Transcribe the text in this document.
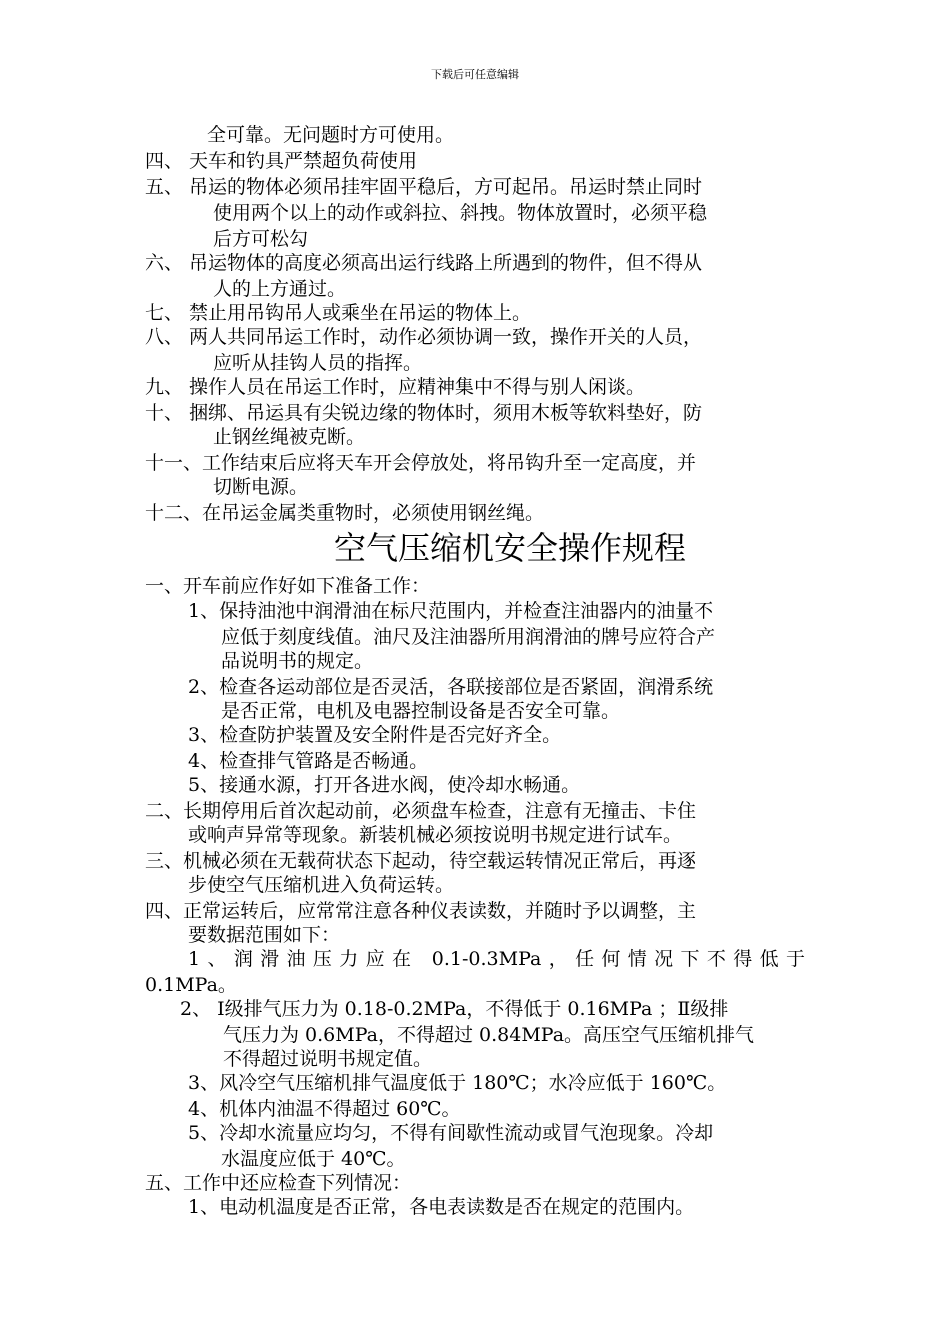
下载后可任意编辑
全可靠。无问题时方可使用。
四、 天车和钓具严禁超负荷使用
五、 吊运的物体必须吊挂牢固平稳后，方可起吊。吊运时禁止同时
使用两个以上的动作或斜拉、斜拽。物体放置时，必须平稳
后方可松勾
六、 吊运物体的高度必须高出运行线路上所遇到的物件，但不得从
人的上方通过。
七、 禁止用吊钩吊人或乘坐在吊运的物体上。
八、 两人共同吊运工作时，动作必须协调一致，操作开关的人员，
应听从挂钩人员的指挥。
九、 操作人员在吊运工作时，应精神集中不得与别人闲谈。
十、 捆绑、吊运具有尖锐边缘的物体时，须用木板等软料垫好，防
止钢丝绳被克断。
十一、工作结束后应将天车开会停放处，将吊钩升至一定高度，并
切断电源。
十二、在吊运金属类重物时，必须使用钢丝绳。
空气压缩机安全操作规程
一、开车前应作好如下准备工作：
1、保持油池中润滑油在标尺范围内，并检查注油器内的油量不
应低于刻度线值。油尺及注油器所用润滑油的牌号应符合产
品说明书的规定。
2、检查各运动部位是否灵活，各联接部位是否紧固，润滑系统
是否正常，电机及电器控制设备是否安全可靠。
3、检查防护装置及安全附件是否完好齐全。
4、检查排气管路是否畅通。
5、接通水源，打开各进水阀，使冷却水畅通。
二、长期停用后首次起动前，必须盘车检查，注意有无撞击、卡住
或响声异常等现象。新装机械必须按说明书规定进行试车。
三、机械必须在无载荷状态下起动，待空载运转情况正常后，再逐
步使空气压缩机进入负荷运转。
四、正常运转后，应常常注意各种仪表读数，并随时予以调整，主
要数据范围如下：
1、润滑油压力应在 0.1-0.3MPa，任何情况下不得低于
0.1MPa。
2、 Ⅰ级排气压力为 0.18-0.2MPa，不得低于 0.16MPa ；Ⅱ级排
气压力为 0.6MPa，不得超过 0.84MPa。高压空气压缩机排气
不得超过说明书规定值。
3、风冷空气压缩机排气温度低于 180℃；水冷应低于 160℃。
4、机体内油温不得超过 60℃。
5、冷却水流量应均匀，不得有间歇性流动或冒气泡现象。冷却
水温度应低于 40℃。
五、工作中还应检查下列情况：
1、电动机温度是否正常，各电表读数是否在规定的范围内。
